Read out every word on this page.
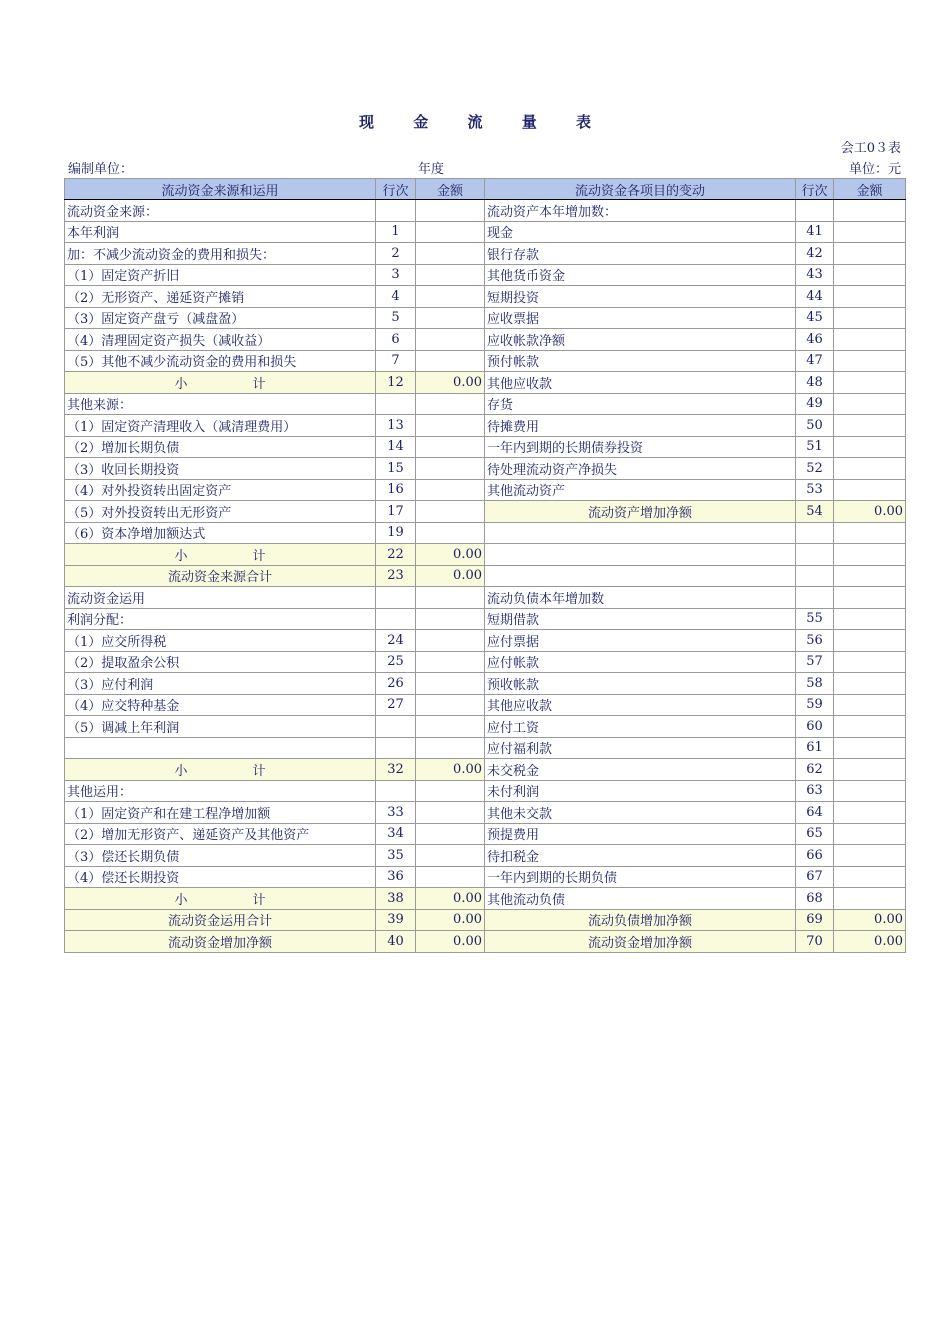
现 金 流 量 表
会工0３表
编制单位：	年度	单位：元
流动资金来源和运用	行次	金额	流动资金各项目的变动	行次	金额
流动资金来源：			流动资产本年增加数：		
本年利润	1		现金	41	
加：不减少流动资金的费用和损失：	2		银行存款	42	
（1）固定资产折旧	3		其他货币资金	43	
（2）无形资产、递延资产摊销	4		短期投资	44	
（3）固定资产盘亏（减盘盈）	5		应收票据	45	
（4）清理固定资产损失（减收益）	6		应收帐款净额	46	
（5）其他不减少流动资金的费用和损失	7		预付帐款	47	
小　　　　　计	12	0.00	其他应收款	48	
其他来源：			存货	49	
（1）固定资产清理收入（减清理费用）	13		待摊费用	50	
（2）增加长期负债	14		一年内到期的长期债券投资	51	
（3）收回长期投资	15		待处理流动资产净损失	52	
（4）对外投资转出固定资产	16		其他流动资产	53	
（5）对外投资转出无形资产	17		流动资产增加净额	54	0.00
（6）资本净增加额达式	19				
小　　　　　计	22	0.00			
流动资金来源合计	23	0.00			
流动资金运用			流动负债本年增加数		
利润分配：			短期借款	55	
（1）应交所得税	24		应付票据	56	
（2）提取盈余公积	25		应付帐款	57	
（3）应付利润	26		预收帐款	58	
（4）应交特种基金	27		其他应收款	59	
（5）调减上年利润			应付工资	60	
			应付福利款	61	
小　　　　　计	32	0.00	未交税金	62	
其他运用：			未付利润	63	
（1）固定资产和在建工程净增加额	33		其他未交款	64	
（2）增加无形资产、递延资产及其他资产	34		预提费用	65	
（3）偿还长期负债	35		待扣税金	66	
（4）偿还长期投资	36		一年内到期的长期负债	67	
小　　　　　计	38	0.00	其他流动负债	68	
流动资金运用合计	39	0.00	流动负债增加净额	69	0.00
流动资金增加净额	40	0.00	流动资金增加净额	70	0.00
